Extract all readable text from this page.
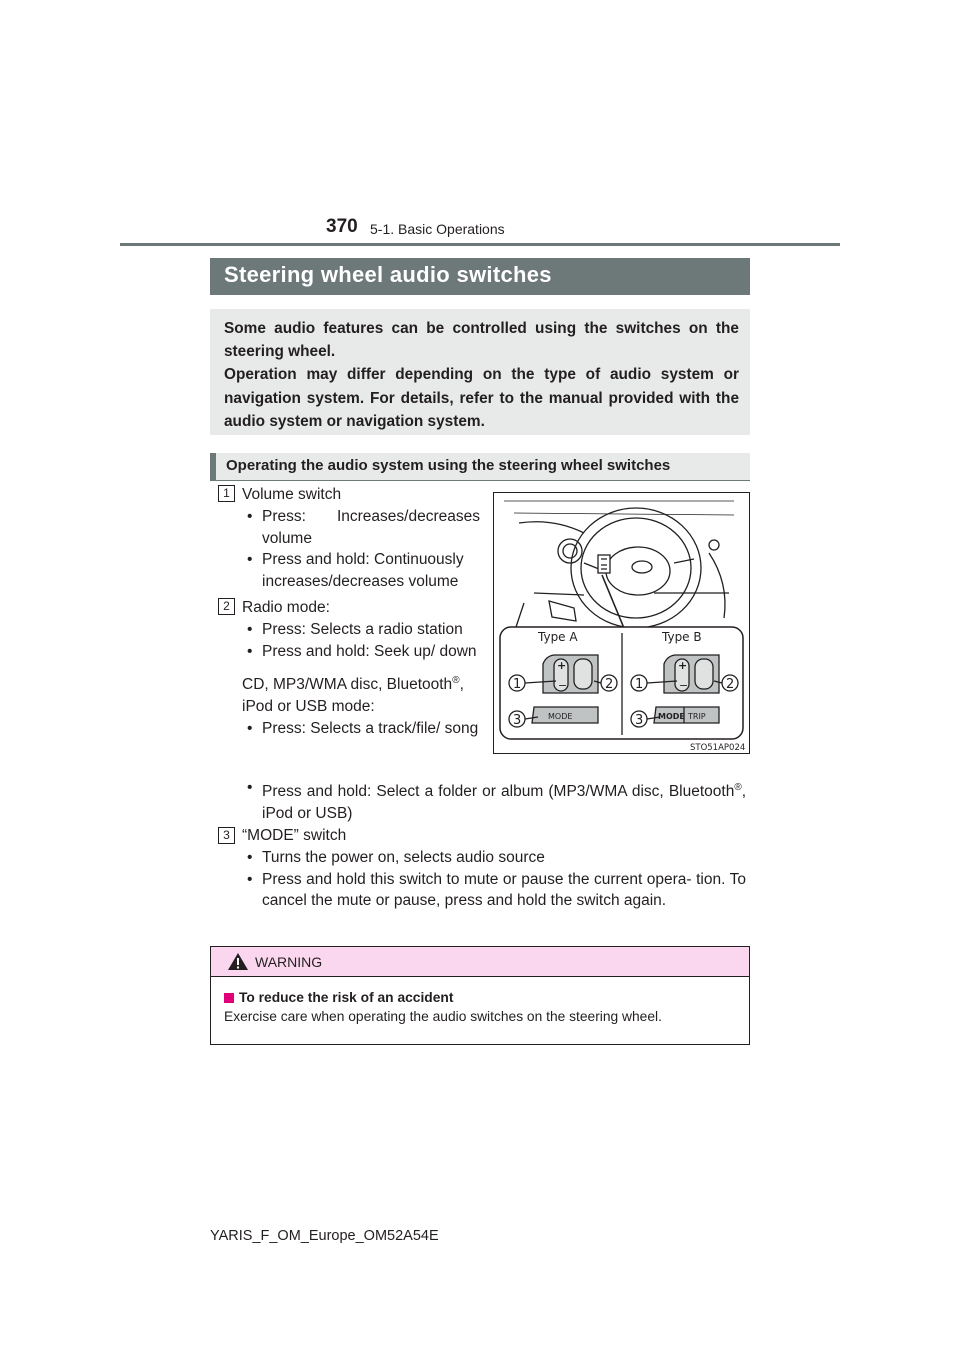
370 5-1. Basic Operations
Steering wheel audio switches

Some audio features can be controlled using the switches on the steering wheel.

Operation may differ depending on the type of audio system or navigation system. For details, refer to the manual provided with the audio system or navigation system.

Operating the audio system using the steering wheel switches
1 Volume switch
• Press: Increases/decreases volume
• Press and hold: Continuously increases/decreases volume
2 Radio mode:
• Press: Selects a radio station
• Press and hold: Seek up/ down
CD, MP3/WMA disc, Bluetooth®, iPod or USB mode:
• Press: Selects a track/file/ song
• Press and hold: Select a folder or album (MP3/WMA disc, Bluetooth®, iPod or USB)
3 “MODE” switch
• Turns the power on, selects audio source
• Press and hold this switch to mute or pause the current opera- tion. To cancel the mute or pause, press and hold the switch again.
+
−
+
−
MODE	MODE TRIP
Type A	Type B
1	2
3
1	2
3
STO51AP024
WARNING
To reduce the risk of an accident
Exercise care when operating the audio switches on the steering wheel.
YARIS_F_OM_Europe_OM52A54E
